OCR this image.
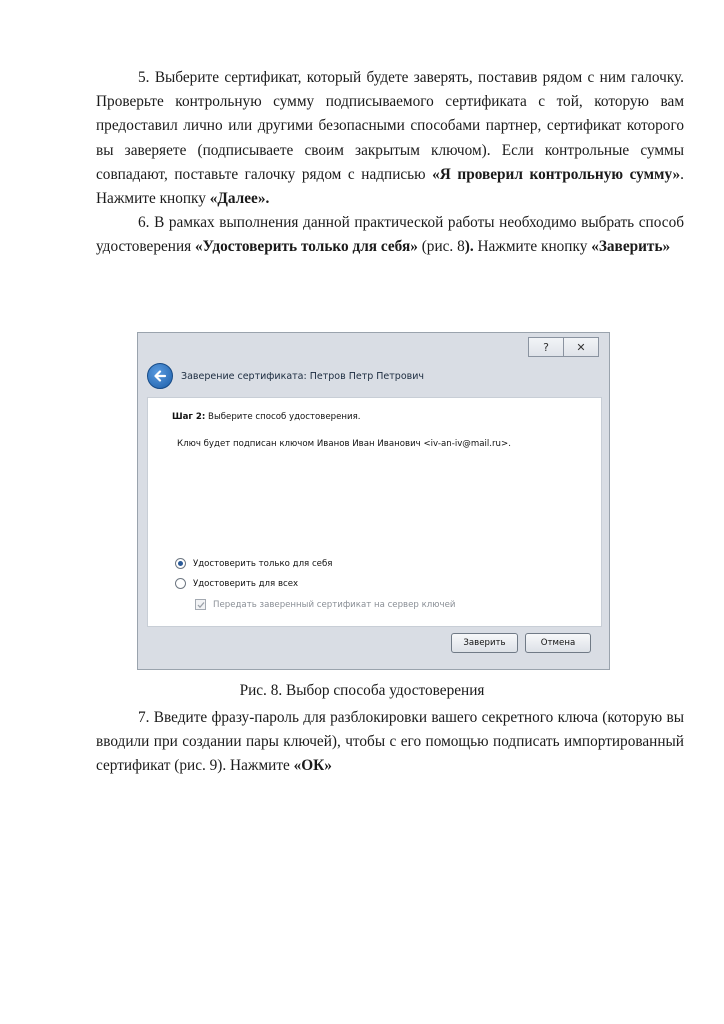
5. Выберите сертификат, который будете заверять, поставив рядом с ним галочку. Проверьте контрольную сумму подписываемого сертификата с той, которую вам предоставил лично или другими безопасными способами партнер, сертификат которого вы заверяете (подписываете своим закрытым ключом). Если контрольные суммы совпадают, поставьте галочку рядом с надписью «Я проверил контрольную сумму». Нажмите кнопку «Далее».

6. В рамках выполнения данной практической работы необходимо выбрать способ удостоверения «Удостоверить только для себя» (рис. 8). Нажмите кнопку «Заверить»

? ✕
Заверение сертификата: Петров Петр Петрович
Шаг 2: Выберите способ удостоверения.
Ключ будет подписан ключом Иванов Иван Иванович <iv-an-iv@mail.ru>.
Удостоверить только для себя
Удостоверить для всех
Передать заверенный сертификат на сервер ключей
Заверить	Отмена
Рис. 8. Выбор способа удостоверения

7. Введите фразу-пароль для разблокировки вашего секретного ключа (которую вы вводили при создании пары ключей), чтобы с его помощью подписать импортированный сертификат (рис. 9). Нажмите «ОК»
